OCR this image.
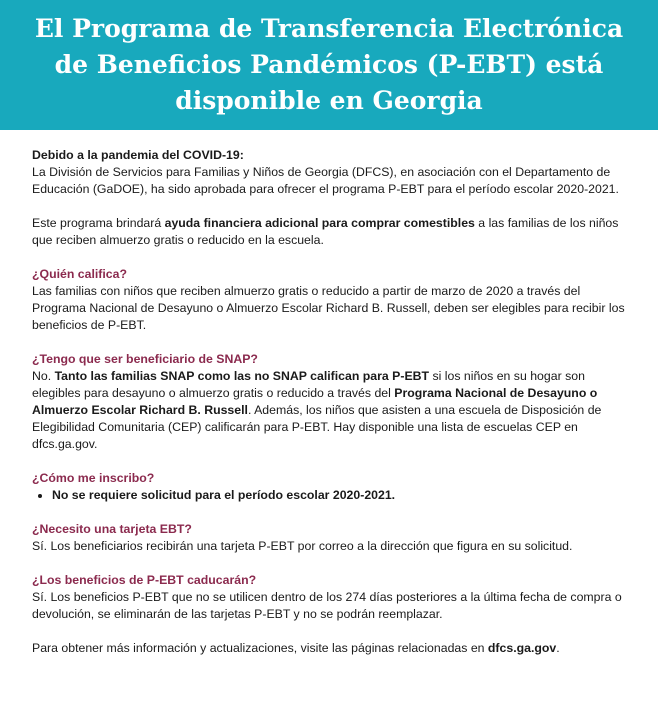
El Programa de Transferencia Electrónica de Beneficios Pandémicos (P-EBT) está disponible en Georgia

Debido a la pandemia del COVID-19:
La División de Servicios para Familias y Niños de Georgia (DFCS), en asociación con el Departamento de Educación (GaDOE), ha sido aprobada para ofrecer el programa P-EBT para el período escolar 2020-2021.

Este programa brindará ayuda financiera adicional para comprar comestibles a las familias de los niños que reciben almuerzo gratis o reducido en la escuela.

¿Quién califica?
Las familias con niños que reciben almuerzo gratis o reducido a partir de marzo de 2020 a través del Programa Nacional de Desayuno o Almuerzo Escolar Richard B. Russell, deben ser elegibles para recibir los beneficios de P-EBT.

¿Tengo que ser beneficiario de SNAP?
No. Tanto las familias SNAP como las no SNAP califican para P-EBT si los niños en su hogar son elegibles para desayuno o almuerzo gratis o reducido a través del Programa Nacional de Desayuno o Almuerzo Escolar Richard B. Russell. Además, los niños que asisten a una escuela de Disposición de Elegibilidad Comunitaria (CEP) calificarán para P-EBT. Hay disponible una lista de escuelas CEP en dfcs.ga.gov.

¿Cómo me inscribo?

• No se requiere solicitud para el período escolar 2020-2021.

¿Necesito una tarjeta EBT?
Sí. Los beneficiarios recibirán una tarjeta P-EBT por correo a la dirección que figura en su solicitud.

¿Los beneficios de P-EBT caducarán?
Sí. Los beneficios P-EBT que no se utilicen dentro de los 274 días posteriores a la última fecha de compra o devolución, se eliminarán de las tarjetas P-EBT y no se podrán reemplazar.

Para obtener más información y actualizaciones, visite las páginas relacionadas en dfcs.ga.gov.
